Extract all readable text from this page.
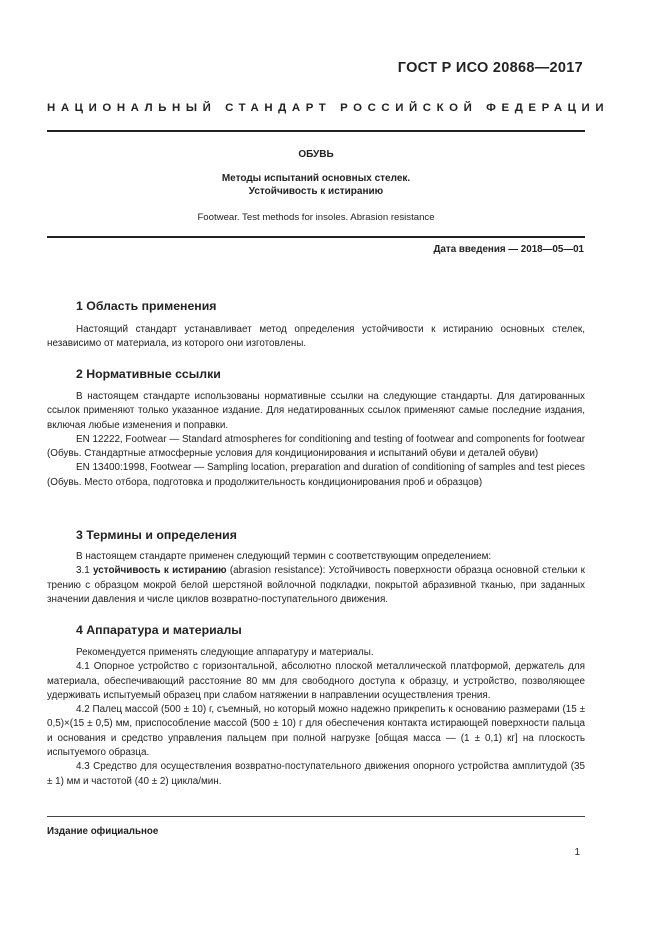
ГОСТ Р ИСО 20868—2017
НАЦИОНАЛЬНЫЙ СТАНДАРТ РОССИЙСКОЙ ФЕДЕРАЦИИ
ОБУВЬ
Методы испытаний основных стелек.
Устойчивость к истиранию
Footwear. Test methods for insoles. Abrasion resistance
Дата введения — 2018—05—01
1 Область применения
Настоящий стандарт устанавливает метод определения устойчивости к истиранию основных стелек, независимо от материала, из которого они изготовлены.
2 Нормативные ссылки
В настоящем стандарте использованы нормативные ссылки на следующие стандарты. Для датированных ссылок применяют только указанное издание. Для недатированных ссылок применяют самые последние издания, включая любые изменения и поправки.
EN 12222, Footwear — Standard atmospheres for conditioning and testing of footwear and components for footwear (Обувь. Стандартные атмосферные условия для кондиционирования и испытаний обуви и деталей обуви)
EN 13400:1998, Footwear — Sampling location, preparation and duration of conditioning of samples and test pieces (Обувь. Место отбора, подготовка и продолжительность кондиционирования проб и образцов)
3 Термины и определения
В настоящем стандарте применен следующий термин с соответствующим определением:
3.1 устойчивость к истиранию (abrasion resistance): Устойчивость поверхности образца основной стельки к трению с образцом мокрой белой шерстяной войлочной подкладки, покрытой абразивной тканью, при заданных значении давления и числе циклов возвратно-поступательного движения.
4 Аппаратура и материалы
Рекомендуется применять следующие аппаратуру и материалы.
4.1 Опорное устройство с горизонтальной, абсолютно плоской металлической платформой, держатель для материала, обеспечивающий расстояние 80 мм для свободного доступа к образцу, и устройство, позволяющее удерживать испытуемый образец при слабом натяжении в направлении осуществления трения.
4.2 Палец массой (500 ± 10) г, съемный, но который можно надежно прикрепить к основанию размерами (15 ± 0,5)×(15 ± 0,5) мм, приспособление массой (500 ± 10) г для обеспечения контакта истирающей поверхности пальца и основания и средство управления пальцем при полной нагрузке [общая масса — (1 ± 0,1) кг] на плоскость испытуемого образца.
4.3 Средство для осуществления возвратно-поступательного движения опорного устройства амплитудой (35 ± 1) мм и частотой (40 ± 2) цикла/мин.
Издание официальное
1
